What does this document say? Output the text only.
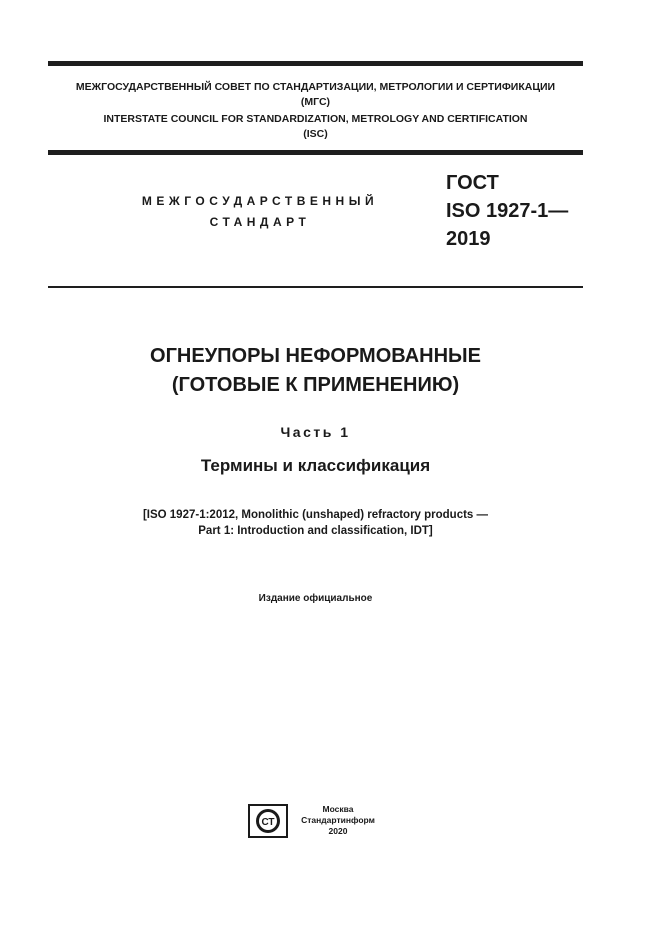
МЕЖГОСУДАРСТВЕННЫЙ СОВЕТ ПО СТАНДАРТИЗАЦИИ, МЕТРОЛОГИИ И СЕРТИФИКАЦИИ
(МГС)
INTERSTATE COUNCIL FOR STANDARDIZATION, METROLOGY AND CERTIFICATION
(ISC)
МЕЖГОСУДАРСТВЕННЫЙ
СТАНДАРТ
ГОСТ
ISO 1927-1—
2019
ОГНЕУПОРЫ НЕФОРМОВАННЫЕ
(ГОТОВЫЕ К ПРИМЕНЕНИЮ)
Часть 1
Термины и классификация
[ISO 1927-1:2012, Monolithic (unshaped) refractory products —
Part 1: Introduction and classification, IDT]
Издание официальное
СТ
Москва
Стандартинформ
2020
